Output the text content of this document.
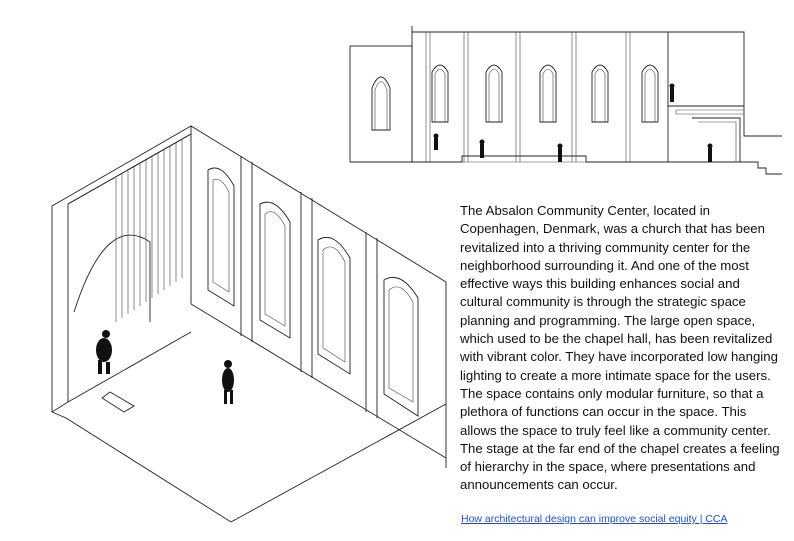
The Absalon Community Center, located in Copenhagen, Denmark, was a church that has been revitalized into a thriving community center for the neighborhood surrounding it. And one of the most effective ways this building enhances social and cultural community is through the strategic space planning and programming. The large open space, which used to be the chapel hall, has been revitalized with vibrant color. They have incorporated low hanging lighting to create a more intimate space for the users. The space contains only modular furniture, so that a plethora of functions can occur in the space. This allows the space to truly feel like a community center. The stage at the far end of the chapel creates a feeling of hierarchy in the space, where presentations and announcements can occur.

How architectural design can improve social equity | CCA
